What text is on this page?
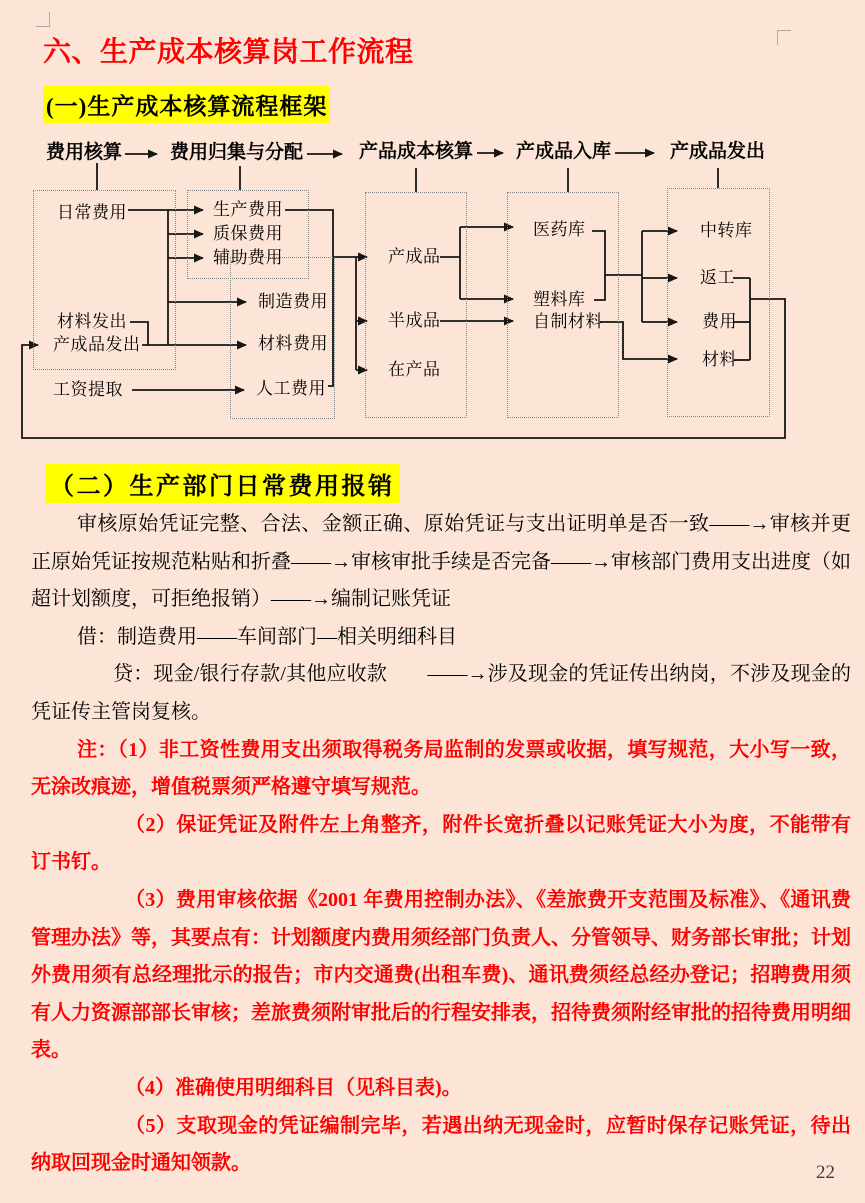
六、生产成本核算岗工作流程
(一)生产成本核算流程框架
费用核算	费用归集与分配	产品成本核算 产成品入库	产成品发出
日常费用
材料发出
产成品发出
工资提取
生产费用
质保费用
辅助费用
制造费用
材料费用
人工费用
产成品
半成品
在产品
医药库
塑料库
自制材料
中转库
返工
费用
材料
（二）生产部门日常费用报销

审核原始凭证完整、合法、金额正确、原始凭证与支出证明单是否一致——→审核并更正原始凭证按规范粘贴和折叠——→审核审批手续是否完备——→审核部门费用支出进度（如超计划额度，可拒绝报销）——→编制记账凭证

借：制造费用——车间部门—相关明细科目

贷：现金/银行存款/其他应收款　　——→涉及现金的凭证传出纳岗，不涉及现金的凭证传主管岗复核。

注：（1）非工资性费用支出须取得税务局监制的发票或收据，填写规范，大小写一致，无涂改痕迹，增值税票须严格遵守填写规范。

（2）保证凭证及附件左上角整齐，附件长宽折叠以记账凭证大小为度，不能带有订书钉。

（3）费用审核依据《2001 年费用控制办法》、《差旅费开支范围及标准》、《通讯费管理办法》等，其要点有：计划额度内费用须经部门负责人、分管领导、财务部长审批；计划外费用须有总经理批示的报告；市内交通费(出租车费)、通讯费须经总经办登记；招聘费用须有人力资源部部长审核；差旅费须附审批后的行程安排表，招待费须附经审批的招待费用明细表。

（4）准确使用明细科目（见科目表)。

（5）支取现金的凭证编制完毕，若遇出纳无现金时，应暂时保存记账凭证，待出纳取回现金时通知领款。	22
